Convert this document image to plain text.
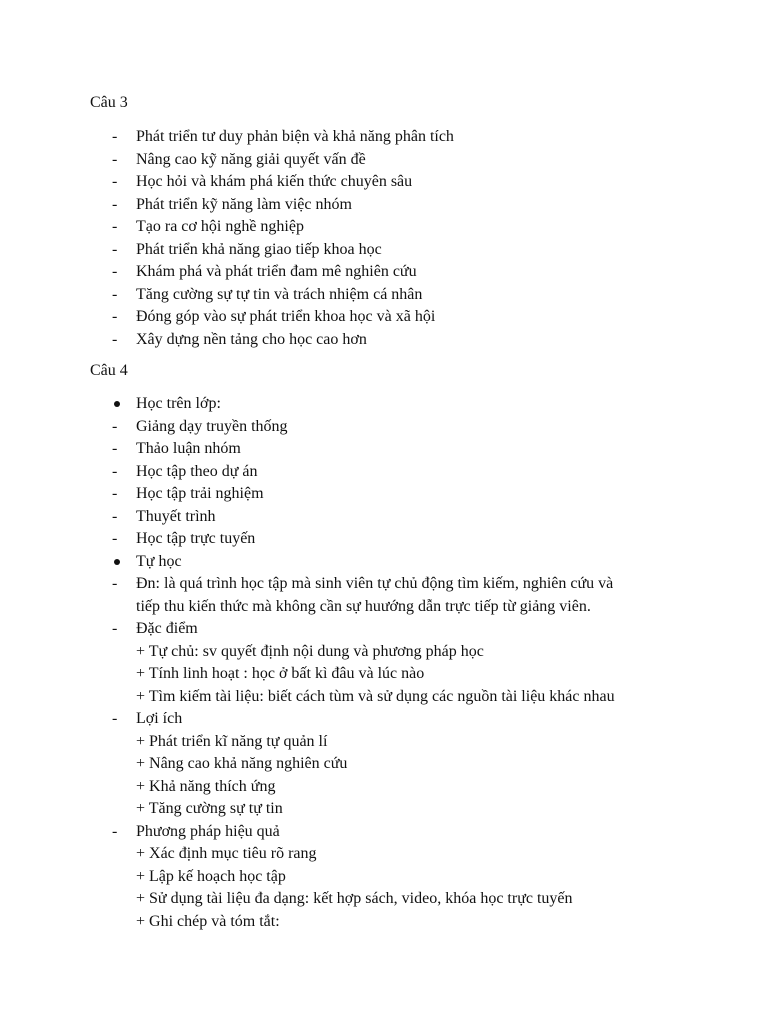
Câu 3
-	Phát triển tư duy phản biện và khả năng phân tích
-	Nâng cao kỹ năng giải quyết vấn đề
-	Học hỏi và khám phá kiến thức chuyên sâu
-	Phát triển kỹ năng làm việc nhóm
-	Tạo ra cơ hội nghề nghiệp
-	Phát triển khả năng giao tiếp khoa học
-	Khám phá và phát triển đam mê nghiên cứu
-	Tăng cường sự tự tin và trách nhiệm cá nhân
-	Đóng góp vào sự phát triển khoa học và xã hội
-	Xây dựng nền tảng cho học cao hơn
Câu 4
Học trên lớp:
-	Giảng dạy truyền thống
-	Thảo luận nhóm
-	Học tập theo dự án
-	Học tập trải nghiệm
-	Thuyết trình
-	Học tập trực tuyến
Tự học
-	Đn: là quá trình học tập mà sinh viên tự chủ động tìm kiếm, nghiên cứu và
tiếp thu kiến thức mà không cần sự huướng dẫn trực tiếp từ giảng viên.
-	Đặc điểm
+ Tự chủ: sv quyết định nội dung và phương pháp học
+ Tính linh hoạt : học ở bất kì đâu và lúc nào
+ Tìm kiếm tài liệu: biết cách tùm và sử dụng các nguồn tài liệu khác nhau
-	Lợi ích
+ Phát triển kĩ năng tự quản lí
+ Nâng cao khả năng nghiên cứu
+ Khả năng thích ứng
+ Tăng cường sự tự tin
-	Phương pháp hiệu quả
+ Xác định mục tiêu rõ rang
+ Lập kế hoạch học tập
+ Sử dụng tài liệu đa dạng: kết hợp sách, video, khóa học trực tuyến
+ Ghi chép và tóm tắt:
